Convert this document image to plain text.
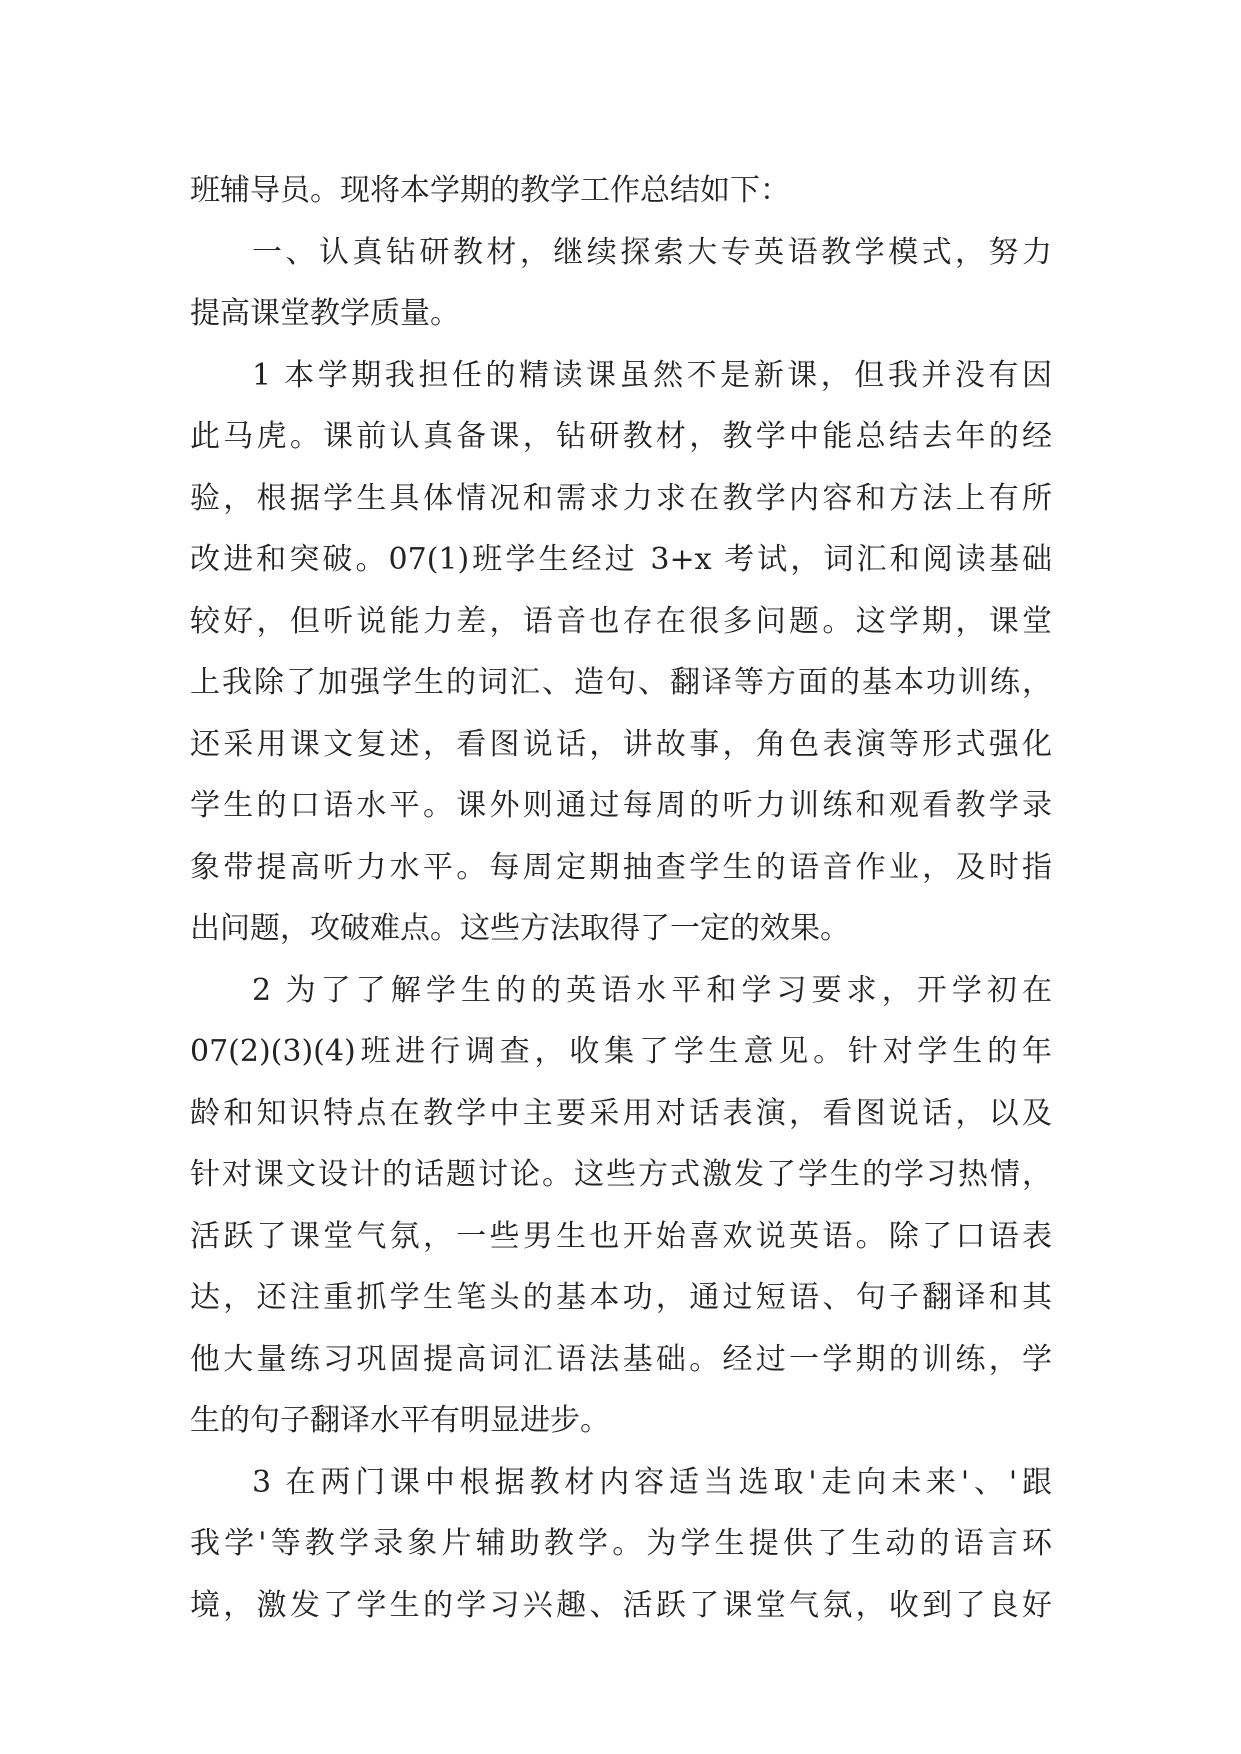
班辅导员。现将本学期的教学工作总结如下：
一、认真钻研教材，继续探索大专英语教学模式，努力
提高课堂教学质量。
1 本学期我担任的精读课虽然不是新课，但我并没有因
此马虎。课前认真备课，钻研教材，教学中能总结去年的经
验，根据学生具体情况和需求力求在教学内容和方法上有所
改进和突破。07(1)班学生经过 3+x 考试，词汇和阅读基础
较好，但听说能力差，语音也存在很多问题。这学期，课堂
上我除了加强学生的词汇、造句、翻译等方面的基本功训练，
还采用课文复述，看图说话，讲故事，角色表演等形式强化
学生的口语水平。课外则通过每周的听力训练和观看教学录
象带提高听力水平。每周定期抽查学生的语音作业，及时指
出问题，攻破难点。这些方法取得了一定的效果。
2 为了了解学生的的英语水平和学习要求，开学初在
07(2)(3)(4)班进行调查，收集了学生意见。针对学生的年
龄和知识特点在教学中主要采用对话表演，看图说话，以及
针对课文设计的话题讨论。这些方式激发了学生的学习热情，
活跃了课堂气氛，一些男生也开始喜欢说英语。除了口语表
达，还注重抓学生笔头的基本功，通过短语、句子翻译和其
他大量练习巩固提高词汇语法基础。经过一学期的训练，学
生的句子翻译水平有明显进步。
3 在两门课中根据教材内容适当选取'走向未来'、'跟
我学'等教学录象片辅助教学。为学生提供了生动的语言环
境，激发了学生的学习兴趣、活跃了课堂气氛，收到了良好
